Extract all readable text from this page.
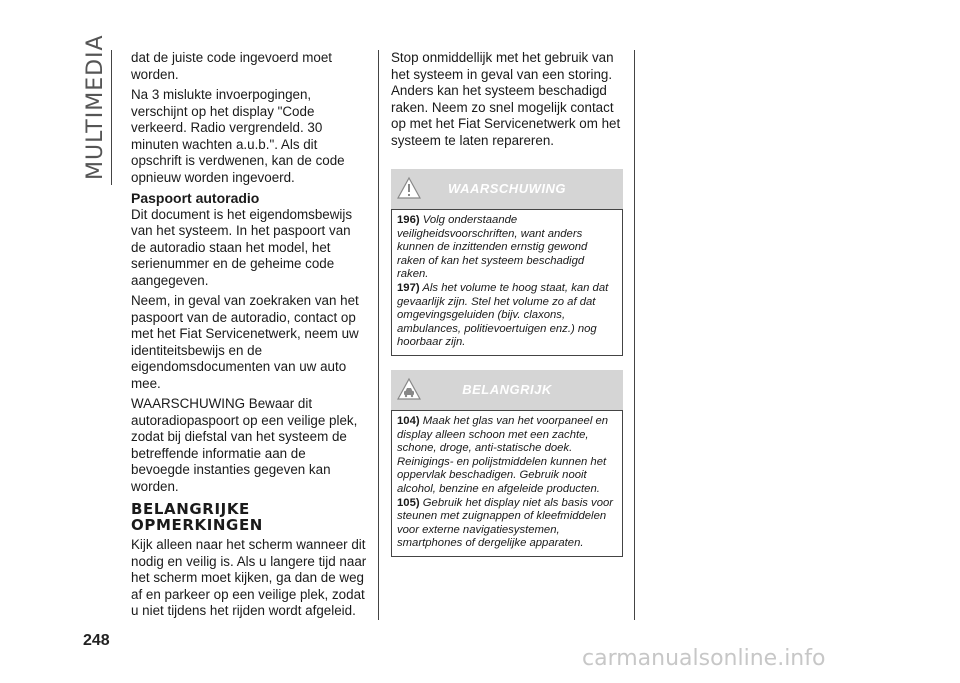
MULTIMEDIA dat de juiste code ingevoerd moet worden.

Na 3 mislukte invoerpogingen, verschijnt op het display "Code verkeerd. Radio vergrendeld. 30 minuten wachten a.u.b.". Als dit opschrift is verdwenen, kan de code opnieuw worden ingevoerd.

Paspoort autoradio

Dit document is het eigendomsbewijs van het systeem. In het paspoort van de autoradio staan het model, het serienummer en de geheime code aangegeven.

Neem, in geval van zoekraken van het paspoort van de autoradio, contact op met het Fiat Servicenetwerk, neem uw identiteitsbewijs en de eigendomsdocumenten van uw auto mee.

WAARSCHUWING Bewaar dit autoradiopaspoort op een veilige plek, zodat bij diefstal van het systeem de betreffende informatie aan de bevoegde instanties gegeven kan worden.

BELANGRIJKE OPMERKINGEN

Kijk alleen naar het scherm wanneer dit nodig en veilig is. Als u langere tijd naar het scherm moet kijken, ga dan de weg af en parkeer op een veilige plek, zodat u niet tijdens het rijden wordt afgeleid.

Stop onmiddellijk met het gebruik van het systeem in geval van een storing. Anders kan het systeem beschadigd raken. Neem zo snel mogelijk contact op met het Fiat Servicenetwerk om het systeem te laten repareren.

WAARSCHUWING

196) Volg onderstaande veiligheidsvoorschriften, want anders kunnen de inzittenden ernstig gewond raken of kan het systeem beschadigd raken.

197) Als het volume te hoog staat, kan dat gevaarlijk zijn. Stel het volume zo af dat omgevingsgeluiden (bijv. claxons, ambulances, politievoertuigen enz.) nog hoorbaar zijn.

BELANGRIJK

104) Maak het glas van het voorpaneel en display alleen schoon met een zachte, schone, droge, anti-statische doek. Reinigings- en polijstmiddelen kunnen het oppervlak beschadigen. Gebruik nooit alcohol, benzine en afgeleide producten.

105) Gebruik het display niet als basis voor steunen met zuignappen of kleefmiddelen voor externe navigatiesystemen, smartphones of dergelijke apparaten.

248
carmanualsonline.info
